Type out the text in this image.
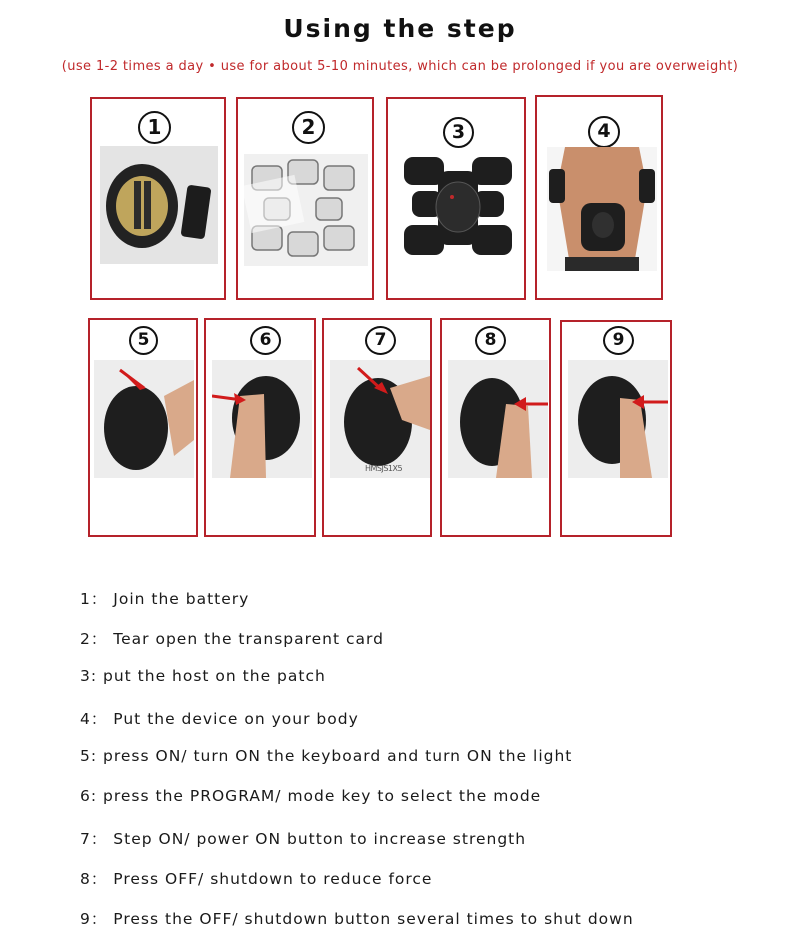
Using the step
(use 1-2 times a day • use for about 5-10 minutes, which can be prolonged if you are overweight)
1	2	3	4
5	6	7
HMSJS1X5
8	9
1： Join the battery
2： Tear open the transparent card
3: put the host on the patch
4： Put the device on your body
5: press ON/ turn ON the keyboard and turn ON the light
6: press the PROGRAM/ mode key to select the mode
7： Step ON/ power ON button to increase strength
8： Press OFF/ shutdown to reduce force
9： Press the OFF/ shutdown button several times to shut down
